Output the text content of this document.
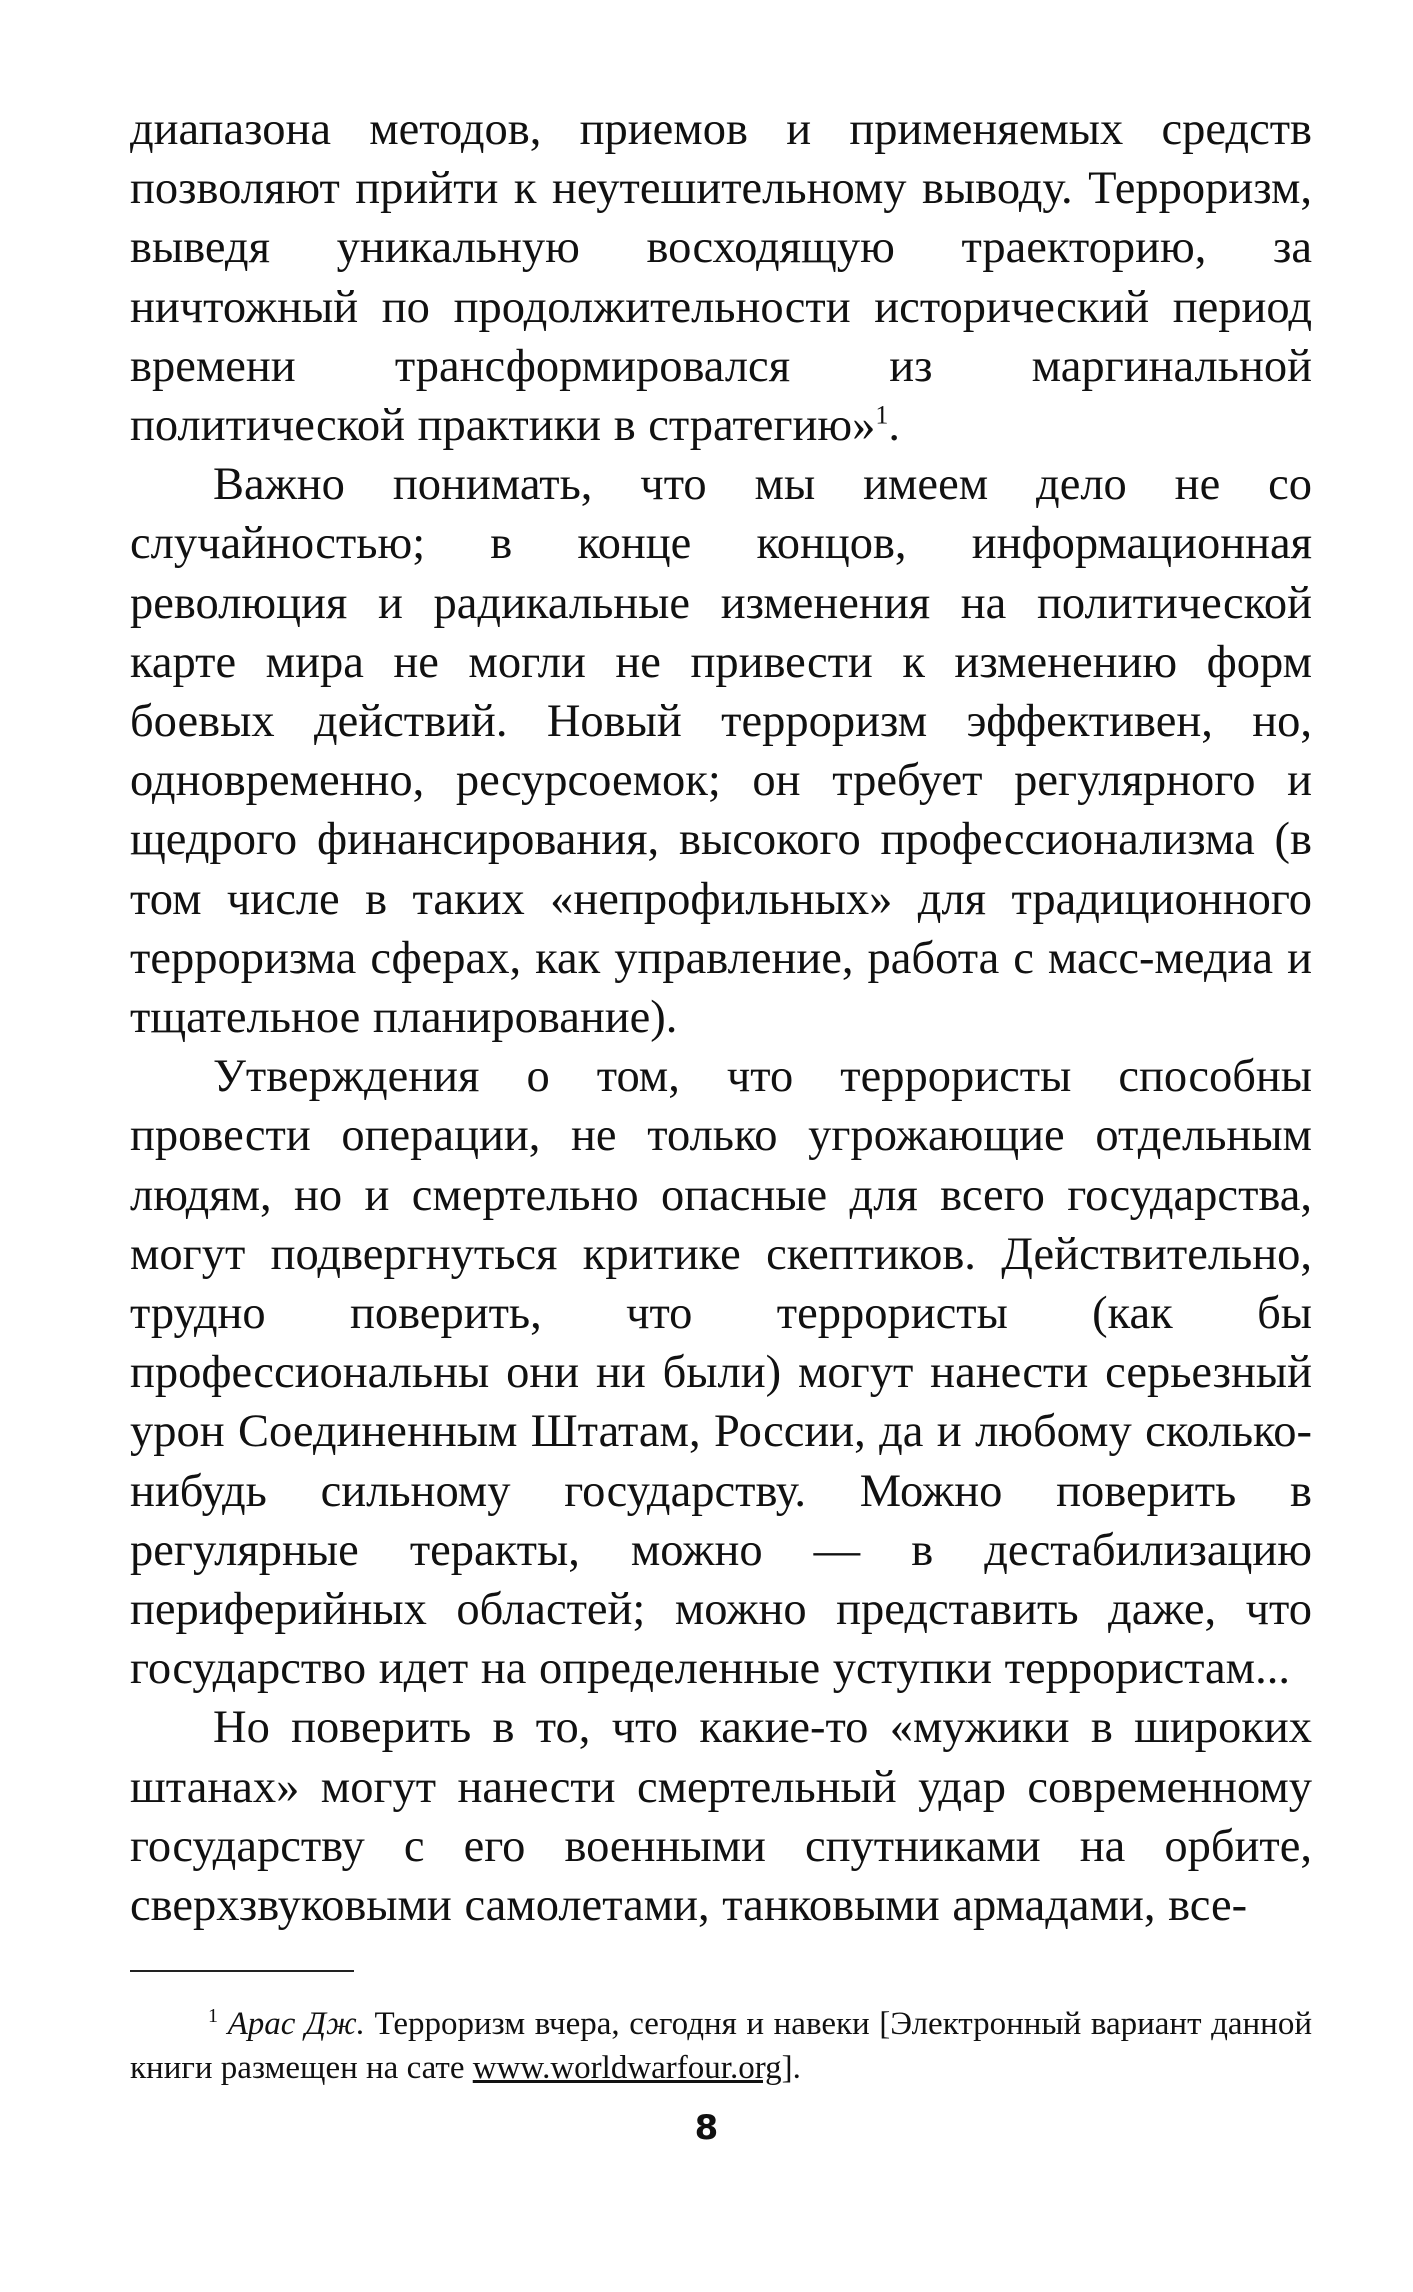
диапазона методов, приемов и применяемых средств позволяют прийти к неутешительному выводу. Терроризм, выведя уникальную восходящую траекторию, за ничтожный по продолжительности исторический период времени трансформировался из маргинальной политической практики в стратегию»$^1$.

Важно понимать, что мы имеем дело не со случайностью; в конце концов, информационная революция и радикальные изменения на политической карте мира не могли не привести к изменению форм боевых действий. Новый терроризм эффективен, но, одновременно, ресурсоемок; он требует регулярного и щедрого финансирования, высокого профессионализма (в том числе в таких «непрофильных» для традиционного терроризма сферах, как управление, работа с масс-медиа и тщательное планирование).

Утверждения о том, что террористы способны провести операции, не только угрожающие отдельным людям, но и смертельно опасные для всего государства, могут подвергнуться критике скептиков. Действительно, трудно поверить, что террористы (как бы профессиональны они ни были) могут нанести серьезный урон Соединенным Штатам, России, да и любому сколько-нибудь сильному государству. Можно поверить в регулярные теракты, можно — в дестабилизацию периферийных областей; можно представить даже, что государство идет на определенные уступки террористам...

Но поверить в то, что какие-то «мужики в широких штанах» могут нанести смертельный удар современному государству с его военными спутниками на орбите, сверхзвуковыми самолетами, танковыми армадами, все-

$^1$ Арас Дж. Терроризм вчера, сегодня и навеки [Электронный вариант данной книги размещен на сате www.worldwarfour.org].

8
